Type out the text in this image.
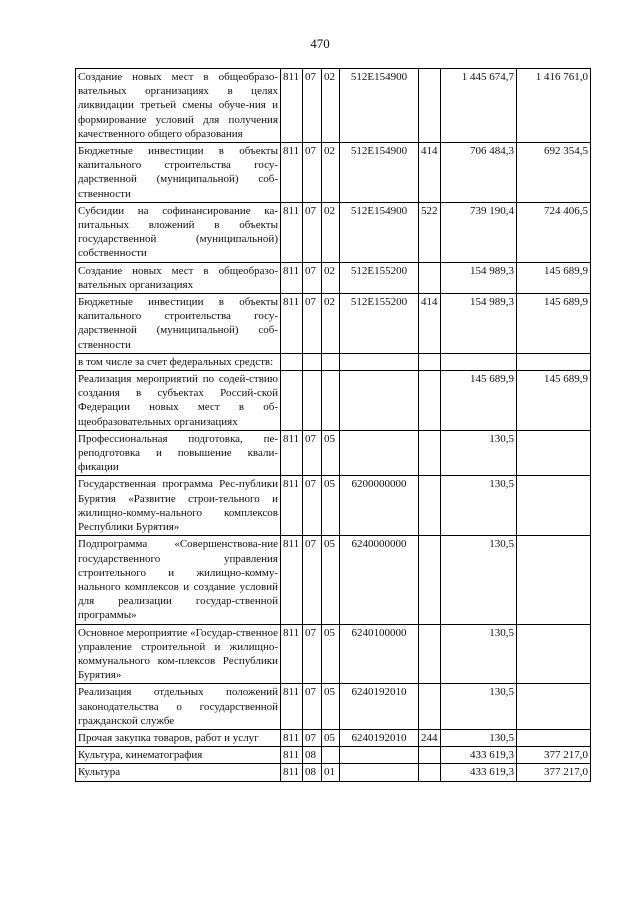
470
Создание новых мест в общеобразо-вательных организациях в целях ликвидации третьей смены обуче-ния и формирование условий для получения качественного общего образования	811	07	02	512E154900		1 445 674,7	1 416 761,0
Бюджетные инвестиции в объекты капитального строительства госу-дарственной (муниципальной) соб-ственности	811	07	02	512E154900	414	706 484,3	692 354,5
Субсидии на софинансирование ка-питальных вложений в объекты государственной (муниципальной) собственности	811	07	02	512E154900	522	739 190,4	724 406,5
Создание новых мест в общеобразо-вательных организациях	811	07	02	512E155200		154 989,3	145 689,9
Бюджетные инвестиции в объекты капитального строительства госу-дарственной (муниципальной) соб-ственности	811	07	02	512E155200	414	154 989,3	145 689,9
в том числе за счет федеральных средств:							
Реализация мероприятий по содей-ствию создания в субъектах Россий-ской Федерации новых мест в об-щеобразовательных организациях						145 689,9	145 689,9
Профессиональная подготовка, пе-реподготовка и повышение квали-фикации	811	07	05			130,5	
Государственная программа Рес-публики Бурятия «Развитие строи-тельного и жилищно-комму-нального комплексов Республики Бурятия»	811	07	05	6200000000		130,5	
Подпрограмма «Совершенствова-ние государственного управления строительного и жилищно-комму-нального комплексов и создание условий для реализации государ-ственной программы»	811	07	05	6240000000		130,5	
Основное мероприятие «Государ-ственное управление строительной и жилищно-коммунального ком-плексов Республики Бурятия»	811	07	05	6240100000		130,5	
Реализация отдельных положений законодательства о государственной гражданской службе	811	07	05	6240192010		130,5	
Прочая закупка товаров, работ и услуг	811	07	05	6240192010	244	130,5	
Культура, кинематография	811	08				433 619,3	377 217,0
Культура	811	08	01			433 619,3	377 217,0
